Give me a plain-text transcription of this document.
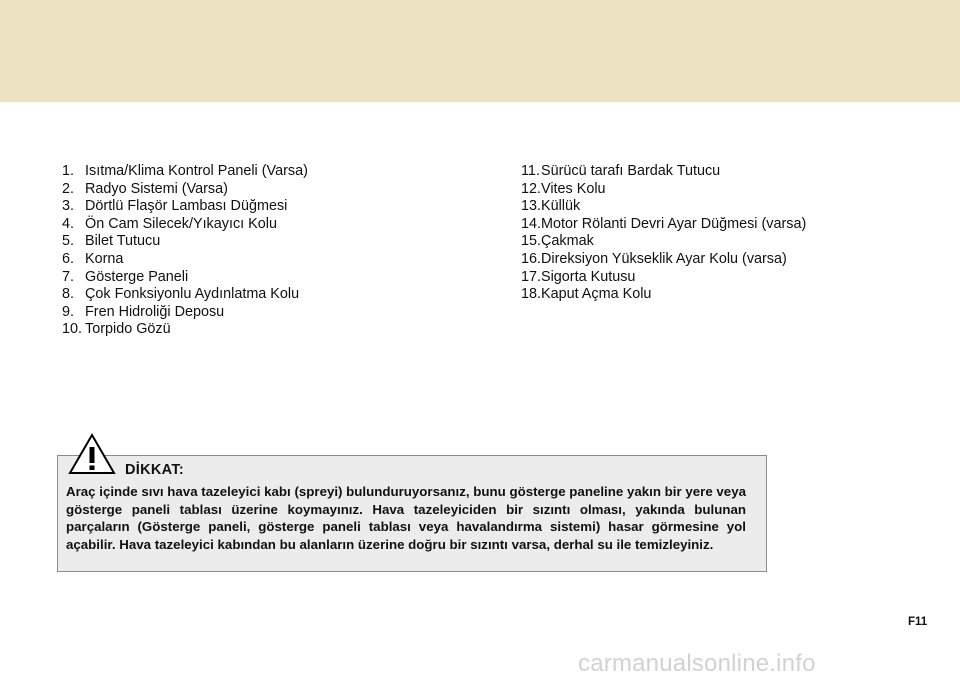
1. Isıtma/Klima Kontrol Paneli (Varsa)
2. Radyo Sistemi (Varsa)
3. Dörtlü Flaşör Lambası Düğmesi
4. Ön Cam Silecek/Yıkayıcı Kolu
5. Bilet Tutucu
6. Korna
7. Gösterge Paneli
8. Çok Fonksiyonlu Aydınlatma Kolu
9. Fren Hidroliği Deposu
10. Torpido Gözü
11. Sürücü tarafı Bardak Tutucu
12. Vites Kolu
13. Küllük
14. Motor Rölanti Devri Ayar Düğmesi (varsa)
15. Çakmak
16. Direksiyon Yükseklik Ayar Kolu (varsa)
17. Sigorta Kutusu
18. Kaput Açma Kolu
DİKKAT:
Araç içinde sıvı hava tazeleyici kabı (spreyi) bulunduruyorsanız, bunu gösterge paneline yakın bir yere veya gösterge paneli tablası üzerine koymayınız. Hava tazeleyiciden bir sızıntı olması, yakında bulunan parçaların (Gösterge paneli, gösterge paneli tablası veya havalandırma sistemi) hasar görmesine yol açabilir. Hava tazeleyici kabından bu alanların üzerine doğru bir sızıntı varsa, derhal su ile temizleyiniz.
F11
carmanualsonline.info
